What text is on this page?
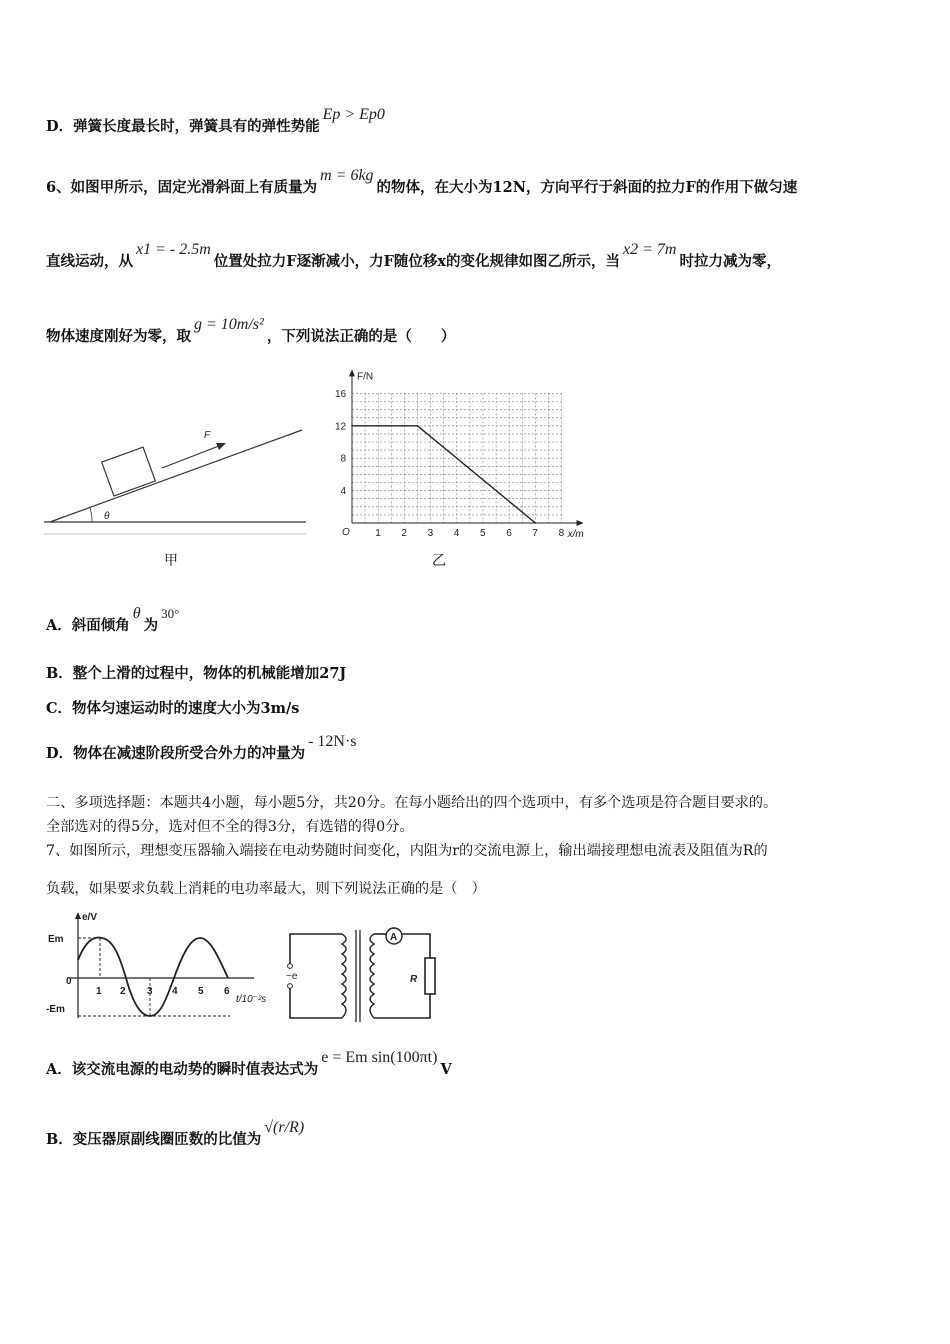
D．弹簧长度最长时，弹簧具有的弹性势能Ep > Ep0
6、如图甲所示，固定光滑斜面上有质量为m = 6kg的物体，在大小为12N，方向平行于斜面的拉力F的作用下做匀速
直线运动，从x1 = - 2.5m位置处拉力F逐渐减小，力F随位移x的变化规律如图乙所示，当x2 = 7m时拉力减为零，
物体速度刚好为零，取g = 10m/s²，下列说法正确的是（　　）
F
θ
甲
F/N
x/m
O	1 2 3 4 5 6 7 8
4
8
12
16
乙
A．斜面倾角θ为30°
B．整个上滑的过程中，物体的机械能增加27J
C．物体匀速运动时的速度大小为3m/s
D．物体在减速阶段所受合外力的冲量为- 12N·s
二、多项选择题：本题共4小题，每小题5分，共20分。在每小题给出的四个选项中，有多个选项是符合题目要求的。
全部选对的得5分，选对但不全的得3分，有选错的得0分。
7、如图所示，理想变压器输入端接在电动势随时间变化，内阻为r的交流电源上，输出端接理想电流表及阻值为R的
负载，如果要求负载上消耗的电功率最大，则下列说法正确的是（　）
e/V
Em
-Em
0
1 2 3 4 5 6
t/10⁻²s
~e
A
R
A．该交流电源的电动势的瞬时值表达式为e = Em sin(100πt)V
B．变压器原副线圈匝数的比值为√(r/R)
